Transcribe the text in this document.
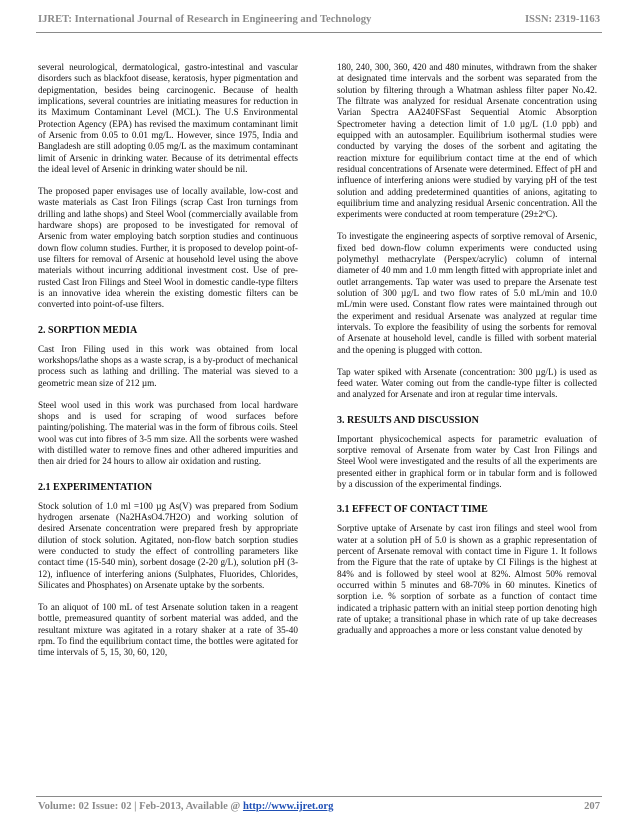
IJRET: International Journal of Research in Engineering and Technology	ISSN: 2319-1163

several neurological, dermatological, gastro-intestinal and vascular disorders such as blackfoot disease, keratosis, hyper pigmentation and depigmentation, besides being carcinogenic. Because of health implications, several countries are initiating measures for reduction in its Maximum Contaminant Level (MCL). The U.S Environmental Protection Agency (EPA) has revised the maximum contaminant limit of Arsenic from 0.05 to 0.01 mg/L. However, since 1975, India and Bangladesh are still adopting 0.05 mg/L as the maximum contaminant limit of Arsenic in drinking water. Because of its detrimental effects the ideal level of Arsenic in drinking water should be nil.

The proposed paper envisages use of locally available, low-cost and waste materials as Cast Iron Filings (scrap Cast Iron turnings from drilling and lathe shops) and Steel Wool (commercially available from hardware shops) are proposed to be investigated for removal of Arsenic from water employing batch sorption studies and continuous down flow column studies. Further, it is proposed to develop point-of-use filters for removal of Arsenic at household level using the above materials without incurring additional investment cost. Use of pre-rusted Cast Iron Filings and Steel Wool in domestic candle-type filters is an innovative idea wherein the existing domestic filters can be converted into point-of-use filters.

2. SORPTION MEDIA

Cast Iron Filing used in this work was obtained from local workshops/lathe shops as a waste scrap, is a by-product of mechanical process such as lathing and drilling. The material was sieved to a geometric mean size of 212 µm.

Steel wool used in this work was purchased from local hardware shops and is used for scraping of wood surfaces before painting/polishing. The material was in the form of fibrous coils. Steel wool was cut into fibres of 3-5 mm size. All the sorbents were washed with distilled water to remove fines and other adhered impurities and then air dried for 24 hours to allow air oxidation and rusting.

2.1 EXPERIMENTATION

Stock solution of 1.0 ml =100 µg As(V) was prepared from Sodium hydrogen arsenate (Na2HAsO4.7H2O) and working solution of desired Arsenate concentration were prepared fresh by appropriate dilution of stock solution. Agitated, non-flow batch sorption studies were conducted to study the effect of controlling parameters like contact time (15-540 min), sorbent dosage (2-20 g/L), solution pH (3-12), influence of interfering anions (Sulphates, Fluorides, Chlorides, Silicates and Phosphates) on Arsenate uptake by the sorbents.

To an aliquot of 100 mL of test Arsenate solution taken in a reagent bottle, premeasured quantity of sorbent material was added, and the resultant mixture was agitated in a rotary shaker at a rate of 35-40 rpm. To find the equilibrium contact time, the bottles were agitated for time intervals of 5, 15, 30, 60, 120,

180, 240, 300, 360, 420 and 480 minutes, withdrawn from the shaker at designated time intervals and the sorbent was separated from the solution by filtering through a Whatman ashless filter paper No.42. The filtrate was analyzed for residual Arsenate concentration using Varian Spectra AA240FSFast Sequential Atomic Absorption Spectrometer having a detection limit of 1.0 µg/L (1.0 ppb) and equipped with an autosampler. Equilibrium isothermal studies were conducted by varying the doses of the sorbent and agitating the reaction mixture for equilibrium contact time at the end of which residual concentrations of Arsenate were determined. Effect of pH and influence of interfering anions were studied by varying pH of the test solution and adding predetermined quantities of anions, agitating to equilibrium time and analyzing residual Arsenic concentration. All the experiments were conducted at room temperature (29±2ºC).

To investigate the engineering aspects of sorptive removal of Arsenic, fixed bed down-flow column experiments were conducted using polymethyl methacrylate (Perspex/acrylic) column of internal diameter of 40 mm and 1.0 mm length fitted with appropriate inlet and outlet arrangements. Tap water was used to prepare the Arsenate test solution of 300 µg/L and two flow rates of 5.0 mL/min and 10.0 mL/min were used. Constant flow rates were maintained through out the experiment and residual Arsenate was analyzed at regular time intervals. To explore the feasibility of using the sorbents for removal of Arsenate at household level, candle is filled with sorbent material and the opening is plugged with cotton.

Tap water spiked with Arsenate (concentration: 300 µg/L) is used as feed water. Water coming out from the candle-type filter is collected and analyzed for Arsenate and iron at regular time intervals.

3. RESULTS AND DISCUSSION

Important physicochemical aspects for parametric evaluation of sorptive removal of Arsenate from water by Cast Iron Filings and Steel Wool were investigated and the results of all the experiments are presented either in graphical form or in tabular form and is followed by a discussion of the experimental findings.

3.1 EFFECT OF CONTACT TIME

Sorptive uptake of Arsenate by cast iron filings and steel wool from water at a solution pH of 5.0 is shown as a graphic representation of percent of Arsenate removal with contact time in Figure 1. It follows from the Figure that the rate of uptake by CI Filings is the highest at 84% and is followed by steel wool at 82%. Almost 50% removal occurred within 5 minutes and 68-70% in 60 minutes. Kinetics of sorption i.e. % sorption of sorbate as a function of contact time indicated a triphasic pattern with an initial steep portion denoting high rate of uptake; a transitional phase in which rate of up take decreases gradually and approaches a more or less constant value denoted by

Volume: 02 Issue: 02 | Feb-2013, Available @ http://www.ijret.org	207
